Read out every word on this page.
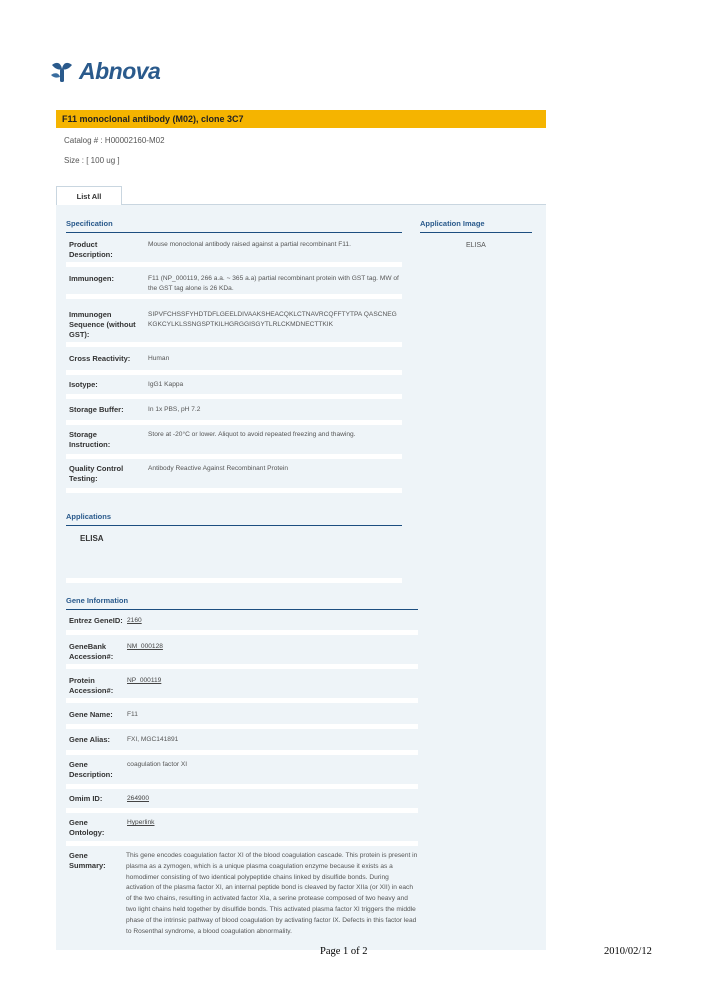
Abnova
F11 monoclonal antibody (M02), clone 3C7
Catalog # : H00002160-M02
Size : [ 100 ug ]
List All
Specification	Application Image
ELISA
Product Description:
Mouse monoclonal antibody raised against a partial recombinant F11.
Immunogen:	F11 (NP_000119, 266 a.a. ~ 365 a.a) partial recombinant protein with GST tag. MW of the GST tag alone is 26 KDa.
Immunogen Sequence (without GST):
SIPVFCHSSFYHDTDFLGEELDIVAAKSHEACQKLCTNAVRCQFFTYTPA QASCNEGKGKCYLKLSSNGSPTKILHGRGGISGYTLRLCKMDNECTTKIK
Cross Reactivity:	Human
Isotype:	IgG1 Kappa
Storage Buffer:	In 1x PBS, pH 7.2
Storage Instruction:
Store at -20°C or lower. Aliquot to avoid repeated freezing and thawing.
Quality Control Testing:
Antibody Reactive Against Recombinant Protein
Applications
ELISA
Gene Information
Entrez GeneID: 2160
GeneBank Accession#:
NM_000128
Protein Accession#:
NP_000119
Gene Name:	F11
Gene Alias:	FXI, MGC141891
Gene Description:
coagulation factor XI
Omim ID:	264900
Gene Ontology:
Hyperlink
Gene Summary:
This gene encodes coagulation factor XI of the blood coagulation cascade. This protein is present in plasma as a zymogen, which is a unique plasma coagulation enzyme because it exists as a homodimer consisting of two identical polypeptide chains linked by disulfide bonds. During activation of the plasma factor XI, an internal peptide bond is cleaved by factor XIIa (or XII) in each of the two chains, resulting in activated factor XIa, a serine protease composed of two heavy and two light chains held together by disulfide bonds. This activated plasma factor XI triggers the middle phase of the intrinsic pathway of blood coagulation by activating factor IX. Defects in this factor lead to Rosenthal syndrome, a blood coagulation abnormality.
Page 1 of 2	2010/02/12
